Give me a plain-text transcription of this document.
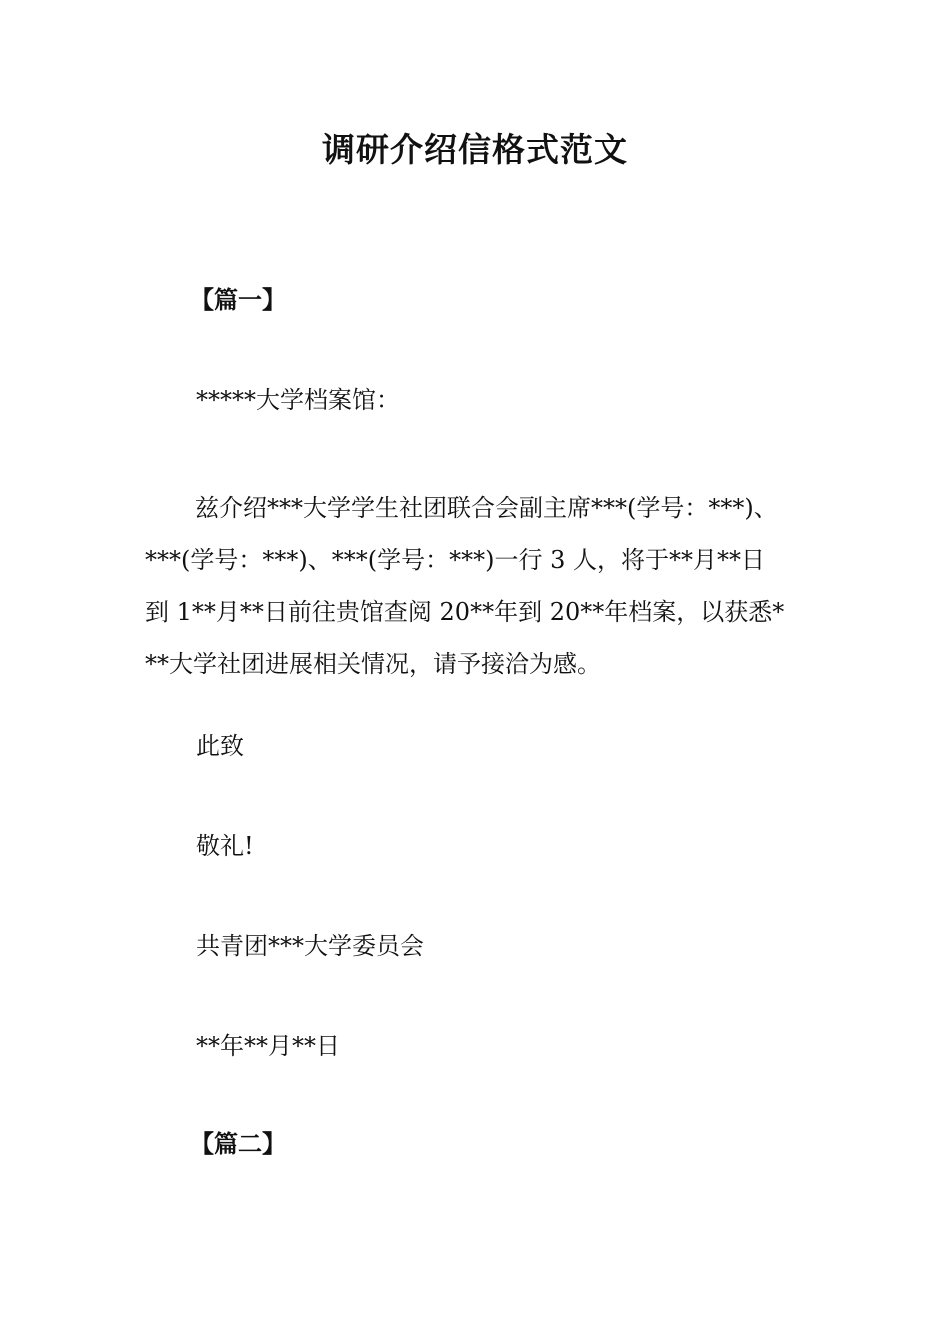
调研介绍信格式范文
【篇一】
*****大学档案馆：
兹介绍***大学学生社团联合会副主席***(学号：***)、
***(学号：***)、***(学号：***)一行 3 人，将于**月**日
到 1**月**日前往贵馆查阅 20**年到 20**年档案，以获悉*
**大学社团进展相关情况，请予接洽为感。
此致
敬礼!
共青团***大学委员会
**年**月**日
【篇二】
